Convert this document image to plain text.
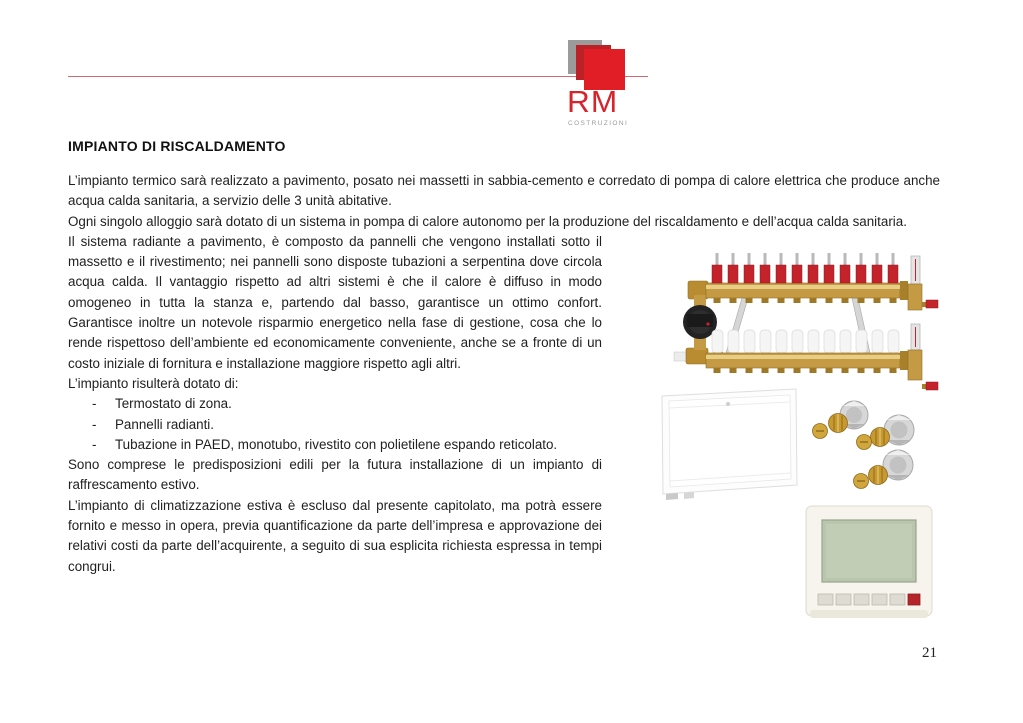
RM
COSTRUZIONI
IMPIANTO DI RISCALDAMENTO

L’impianto termico sarà realizzato a pavimento, posato nei massetti in sabbia-cemento e corredato di pompa di calore elettrica che produce anche acqua calda sanitaria, a servizio delle 3 unità abitative.

Ogni singolo alloggio sarà dotato di un sistema in pompa di calore autonomo per la produzione del riscaldamento e dell’acqua calda sanitaria.

Il sistema radiante a pavimento, è composto da pannelli che vengono installati sotto il massetto e il rivestimento; nei pannelli sono disposte tubazioni a serpentina dove circola acqua calda. Il vantaggio rispetto ad altri sistemi è che il calore è diffuso in modo omogeneo in tutta la stanza e, partendo dal basso, garantisce un ottimo confort. Garantisce inoltre un notevole risparmio energetico nella fase di gestione, cosa che lo rende rispettoso dell’ambiente ed economicamente conveniente, anche se a fronte di un costo iniziale di fornitura e installazione maggiore rispetto agli altri.

L’impianto risulterà dotato di:

- Termostato di zona.
- Pannelli radianti.
- Tubazione in PAED, monotubo, rivestito con polietilene espando reticolato.

Sono comprese le predisposizioni edili per la futura installazione di un impianto di raffrescamento estivo.

L’impianto di climatizzazione estiva è escluso dal presente capitolato, ma potrà essere fornito e messo in opera, previa quantificazione da parte dell’impresa e approvazione dei relativi costi da parte dell’acquirente, a seguito di sua esplicita richiesta espressa in tempi congrui.

21
